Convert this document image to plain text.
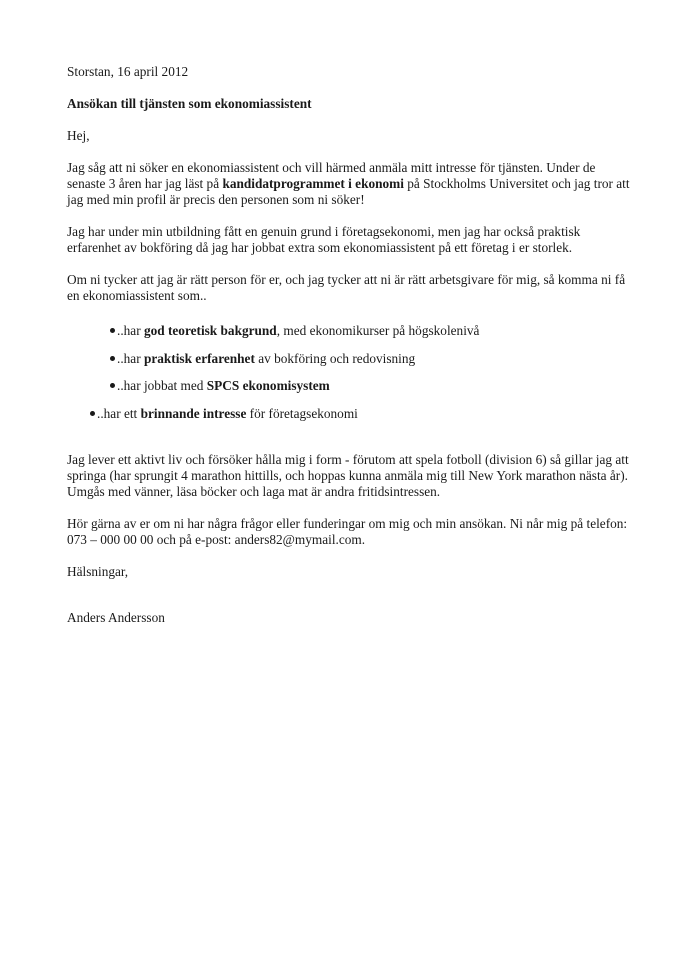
Storstan, 16 april 2012

Ansökan till tjänsten som ekonomiassistent

Hej,

Jag såg att ni söker en ekonomiassistent och vill härmed anmäla mitt intresse för tjänsten. Under de senaste 3 åren har jag läst på kandidatprogrammet i ekonomi på Stockholms Universitet och jag tror att jag med min profil är precis den personen som ni söker!

Jag har under min utbildning fått en genuin grund i företagsekonomi, men jag har också praktisk erfarenhet av bokföring då jag har jobbat extra som ekonomiassistent på ett företag i er storlek.

Om ni tycker att jag är rätt person för er, och jag tycker att ni är rätt arbetsgivare för mig, så komma ni få en ekonomiassistent som..

..har god teoretisk bakgrund, med ekonomikurser på högskolenivå
..har praktisk erfarenhet av bokföring och redovisning
..har jobbat med SPCS ekonomisystem
..har ett brinnande intresse för företagsekonomi

Jag lever ett aktivt liv och försöker hålla mig i form - förutom att spela fotboll (division 6) så gillar jag att springa (har sprungit 4 marathon hittills, och hoppas kunna anmäla mig till New York marathon nästa år). Umgås med vänner, läsa böcker och laga mat är andra fritidsintressen.

Hör gärna av er om ni har några frågor eller funderingar om mig och min ansökan. Ni når mig på telefon: 073 – 000 00 00 och på e-post: anders82@mymail.com.

Hälsningar,

Anders Andersson
